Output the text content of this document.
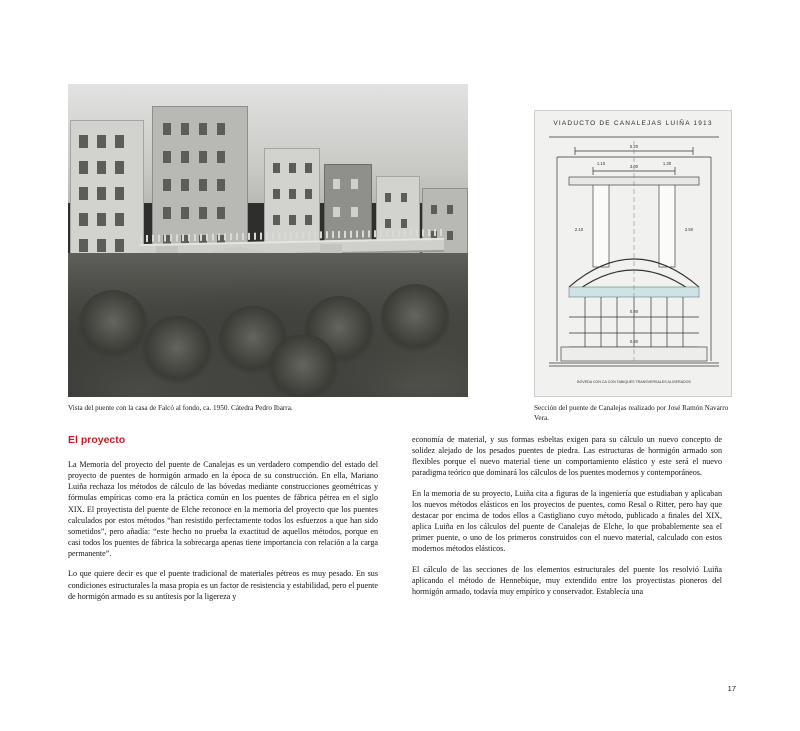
Vista del puente con la casa de Falcó al fondo, ca. 1950. Cátedra Pedro Ibarra.
VIADUCTO DE CANALEJAS LUIÑA 1913
5.20
3.00
1.10	1.30
2.10	2.50
0.90
0.80
BÓVEDA CON CA CON TABIQUES TRANSVERSALES ALIGERADOS
Sección del puente de Canalejas realizado por José Ramón Navarro Vera.
El proyecto

La Memoria del proyecto del puente de Canalejas es un verdadero compendio del estado del proyecto de puentes de hormigón armado en la época de su construcción. En ella, Mariano Luiña rechaza los métodos de cálculo de las bóvedas mediante construcciones geométricas y fórmulas empíricas como era la práctica común en los puentes de fábrica pétrea en el siglo XIX. El proyectista del puente de Elche reconoce en la memoria del proyecto que los puentes calculados por estos métodos “han resistido perfectamente todos los esfuerzos a que han sido sometidos”, pero añadía: “este hecho no prueba la exactitud de aquellos métodos, porque en casi todos los puentes de fábrica la sobrecarga apenas tiene importancia con relación a la carga permanente”.

Lo que quiere decir es que el puente tradicional de materiales pétreos es muy pesado. En sus condiciones estructurales la masa propia es un factor de resistencia y estabilidad, pero el puente de hormigón armado es su antítesis por la ligereza y

economía de material, y sus formas esbeltas exigen para su cálculo un nuevo concepto de solidez alejado de los pesados puentes de piedra. Las estructuras de hormigón armado son flexibles porque el nuevo material tiene un comportamiento elástico y este será el nuevo paradigma teórico que dominará los cálculos de los puentes modernos y contemporáneos.

En la memoria de su proyecto, Luiña cita a figuras de la ingeniería que estudiaban y aplicaban los nuevos métodos elásticos en los proyectos de puentes, como Resal o Ritter, pero hay que destacar por encima de todos ellos a Castigliano cuyo método, publicado a finales del XIX, aplica Luiña en los cálculos del puente de Canalejas de Elche, lo que probablemente sea el primer puente, o uno de los primeros construidos con el nuevo material, calculado con estos modernos métodos elásticos.

El cálculo de las secciones de los elementos estructurales del puente los resolvió Luiña aplicando el método de Hennebique, muy extendido entre los proyectistas pioneros del hormigón armado, todavía muy empírico y conservador. Establecía una

17
